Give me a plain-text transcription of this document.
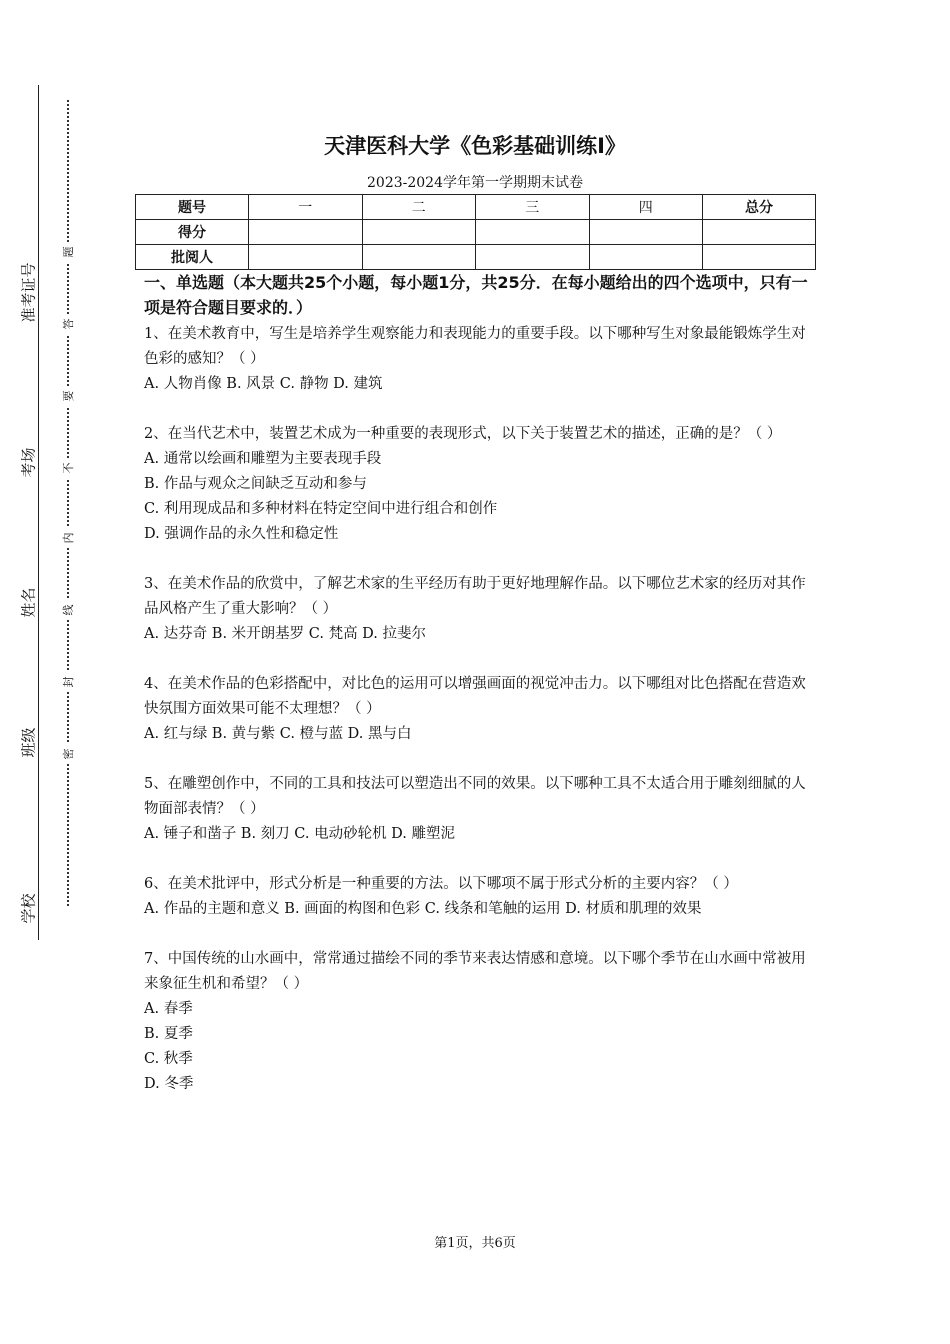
准考证号
考场
姓名
班级
学校
题
答
要
不
内
线
封
密
天津医科大学《色彩基础训练Ⅰ》
2023-2024学年第一学期期末试卷
题号	一	二	三	四	总分
得分					
批阅人					
一、单选题（本大题共25个小题，每小题1分，共25分．在每小题给出的四个选项中，只有一项是符合题目要求的．）
1、在美术教育中，写生是培养学生观察能力和表现能力的重要手段。以下哪种写生对象最能锻炼学生对色彩的感知？（ ）
A. 人物肖像 B. 风景 C. 静物 D. 建筑
2、在当代艺术中，装置艺术成为一种重要的表现形式，以下关于装置艺术的描述，正确的是？（ ）
A. 通常以绘画和雕塑为主要表现手段
B. 作品与观众之间缺乏互动和参与
C. 利用现成品和多种材料在特定空间中进行组合和创作
D. 强调作品的永久性和稳定性
3、在美术作品的欣赏中，了解艺术家的生平经历有助于更好地理解作品。以下哪位艺术家的经历对其作品风格产生了重大影响？（ ）
A. 达芬奇 B. 米开朗基罗 C. 梵高 D. 拉斐尔
4、在美术作品的色彩搭配中，对比色的运用可以增强画面的视觉冲击力。以下哪组对比色搭配在营造欢快氛围方面效果可能不太理想？（ ）
A. 红与绿 B. 黄与紫 C. 橙与蓝 D. 黑与白
5、在雕塑创作中，不同的工具和技法可以塑造出不同的效果。以下哪种工具不太适合用于雕刻细腻的人物面部表情？（ ）
A. 锤子和凿子 B. 刻刀 C. 电动砂轮机 D. 雕塑泥
6、在美术批评中，形式分析是一种重要的方法。以下哪项不属于形式分析的主要内容？（ ）
A. 作品的主题和意义 B. 画面的构图和色彩 C. 线条和笔触的运用 D. 材质和肌理的效果
7、中国传统的山水画中，常常通过描绘不同的季节来表达情感和意境。以下哪个季节在山水画中常被用来象征生机和希望？（ ）
A. 春季
B. 夏季
C. 秋季
D. 冬季
第1页，共6页
